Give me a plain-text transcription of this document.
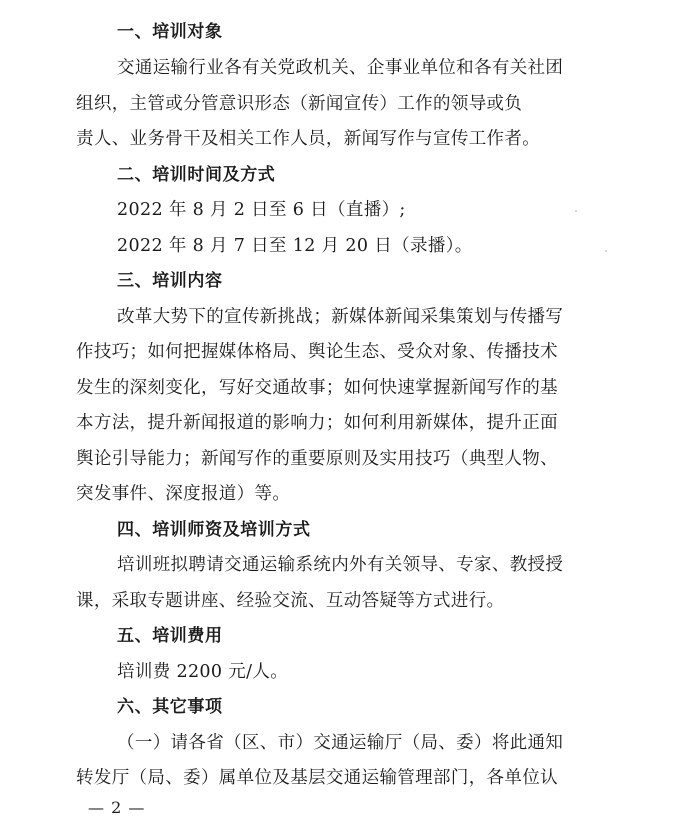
一、培训对象
交通运输行业各有关党政机关、企事业单位和各有关社团
组织，主管或分管意识形态（新闻宣传）工作的领导或负
责人、业务骨干及相关工作人员，新闻写作与宣传工作者。
二、培训时间及方式
2022 年 8 月 2 日至 6 日（直播）;
2022 年 8 月 7 日至 12 月 20 日（录播）。
三、培训内容
改革大势下的宣传新挑战；新媒体新闻采集策划与传播写
作技巧；如何把握媒体格局、舆论生态、受众对象、传播技术
发生的深刻变化，写好交通故事；如何快速掌握新闻写作的基
本方法，提升新闻报道的影响力；如何利用新媒体，提升正面
舆论引导能力；新闻写作的重要原则及实用技巧（典型人物、
突发事件、深度报道）等。
四、培训师资及培训方式
培训班拟聘请交通运输系统内外有关领导、专家、教授授
课，采取专题讲座、经验交流、互动答疑等方式进行。
五、培训费用
培训费 2200 元/人。
六、其它事项
（一）请各省（区、市）交通运输厅（局、委）将此通知
转发厅（局、委）属单位及基层交通运输管理部门，各单位认
— 2 —
